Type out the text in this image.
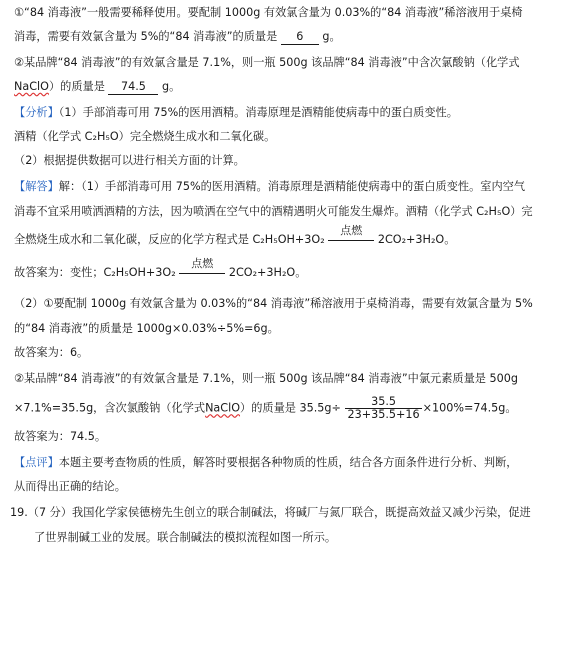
①“84 消毒液”一般需要稀释使用。要配制 1000g 有效氯含量为 0.03%的“84 消毒液”稀溶液用于桌椅
消毒，需要有效氯含量为 5%的“84 消毒液”的质量是 6 g。
②某品牌“84 消毒液”的有效氯含量是 7.1%，则一瓶 500g 该品牌“84 消毒液”中含次氯酸钠（化学式
NaClO）的质量是 74.5 g。
【分析】（1）手部消毒可用 75%的医用酒精。消毒原理是酒精能使病毒中的蛋白质变性。
酒精（化学式 C₂H₅O）完全燃烧生成水和二氧化碳。
（2）根据提供数据可以进行相关方面的计算。
【解答】解：（1）手部消毒可用 75%的医用酒精。消毒原理是酒精能使病毒中的蛋白质变性。室内空气
消毒不宜采用喷洒酒精的方法，因为喷洒在空气中的酒精遇明火可能发生爆炸。酒精（化学式 C₂H₅O）完
全燃烧生成水和二氧化碳，反应的化学方程式是 C₂H₅OH+3O₂
点燃
2CO₂+3H₂O。
故答案为：变性；C₂H₅OH+3O₂
点燃
2CO₂+3H₂O。
（2）①要配制 1000g 有效氯含量为 0.03%的“84 消毒液”稀溶液用于桌椅消毒，需要有效氯含量为 5%
的“84 消毒液”的质量是 1000g×0.03%÷5%=6g。
故答案为：6。
②某品牌“84 消毒液”的有效氯含量是 7.1%，则一瓶 500g 该品牌“84 消毒液”中氯元素质量是 500g
×7.1%=35.5g，含次氯酸钠（化学式NaClO）的质量是 $35.5g\div \frac{35.5}{23+35.5+16} \times 100\%=74.5g$。
故答案为：74.5。
【点评】本题主要考查物质的性质，解答时要根据各种物质的性质，结合各方面条件进行分析、判断，
从而得出正确的结论。
19.（7 分）我国化学家侯德榜先生创立的联合制碱法，将碱厂与氮厂联合，既提高效益又减少污染，促进
了世界制碱工业的发展。联合制碱法的模拟流程如图一所示。
